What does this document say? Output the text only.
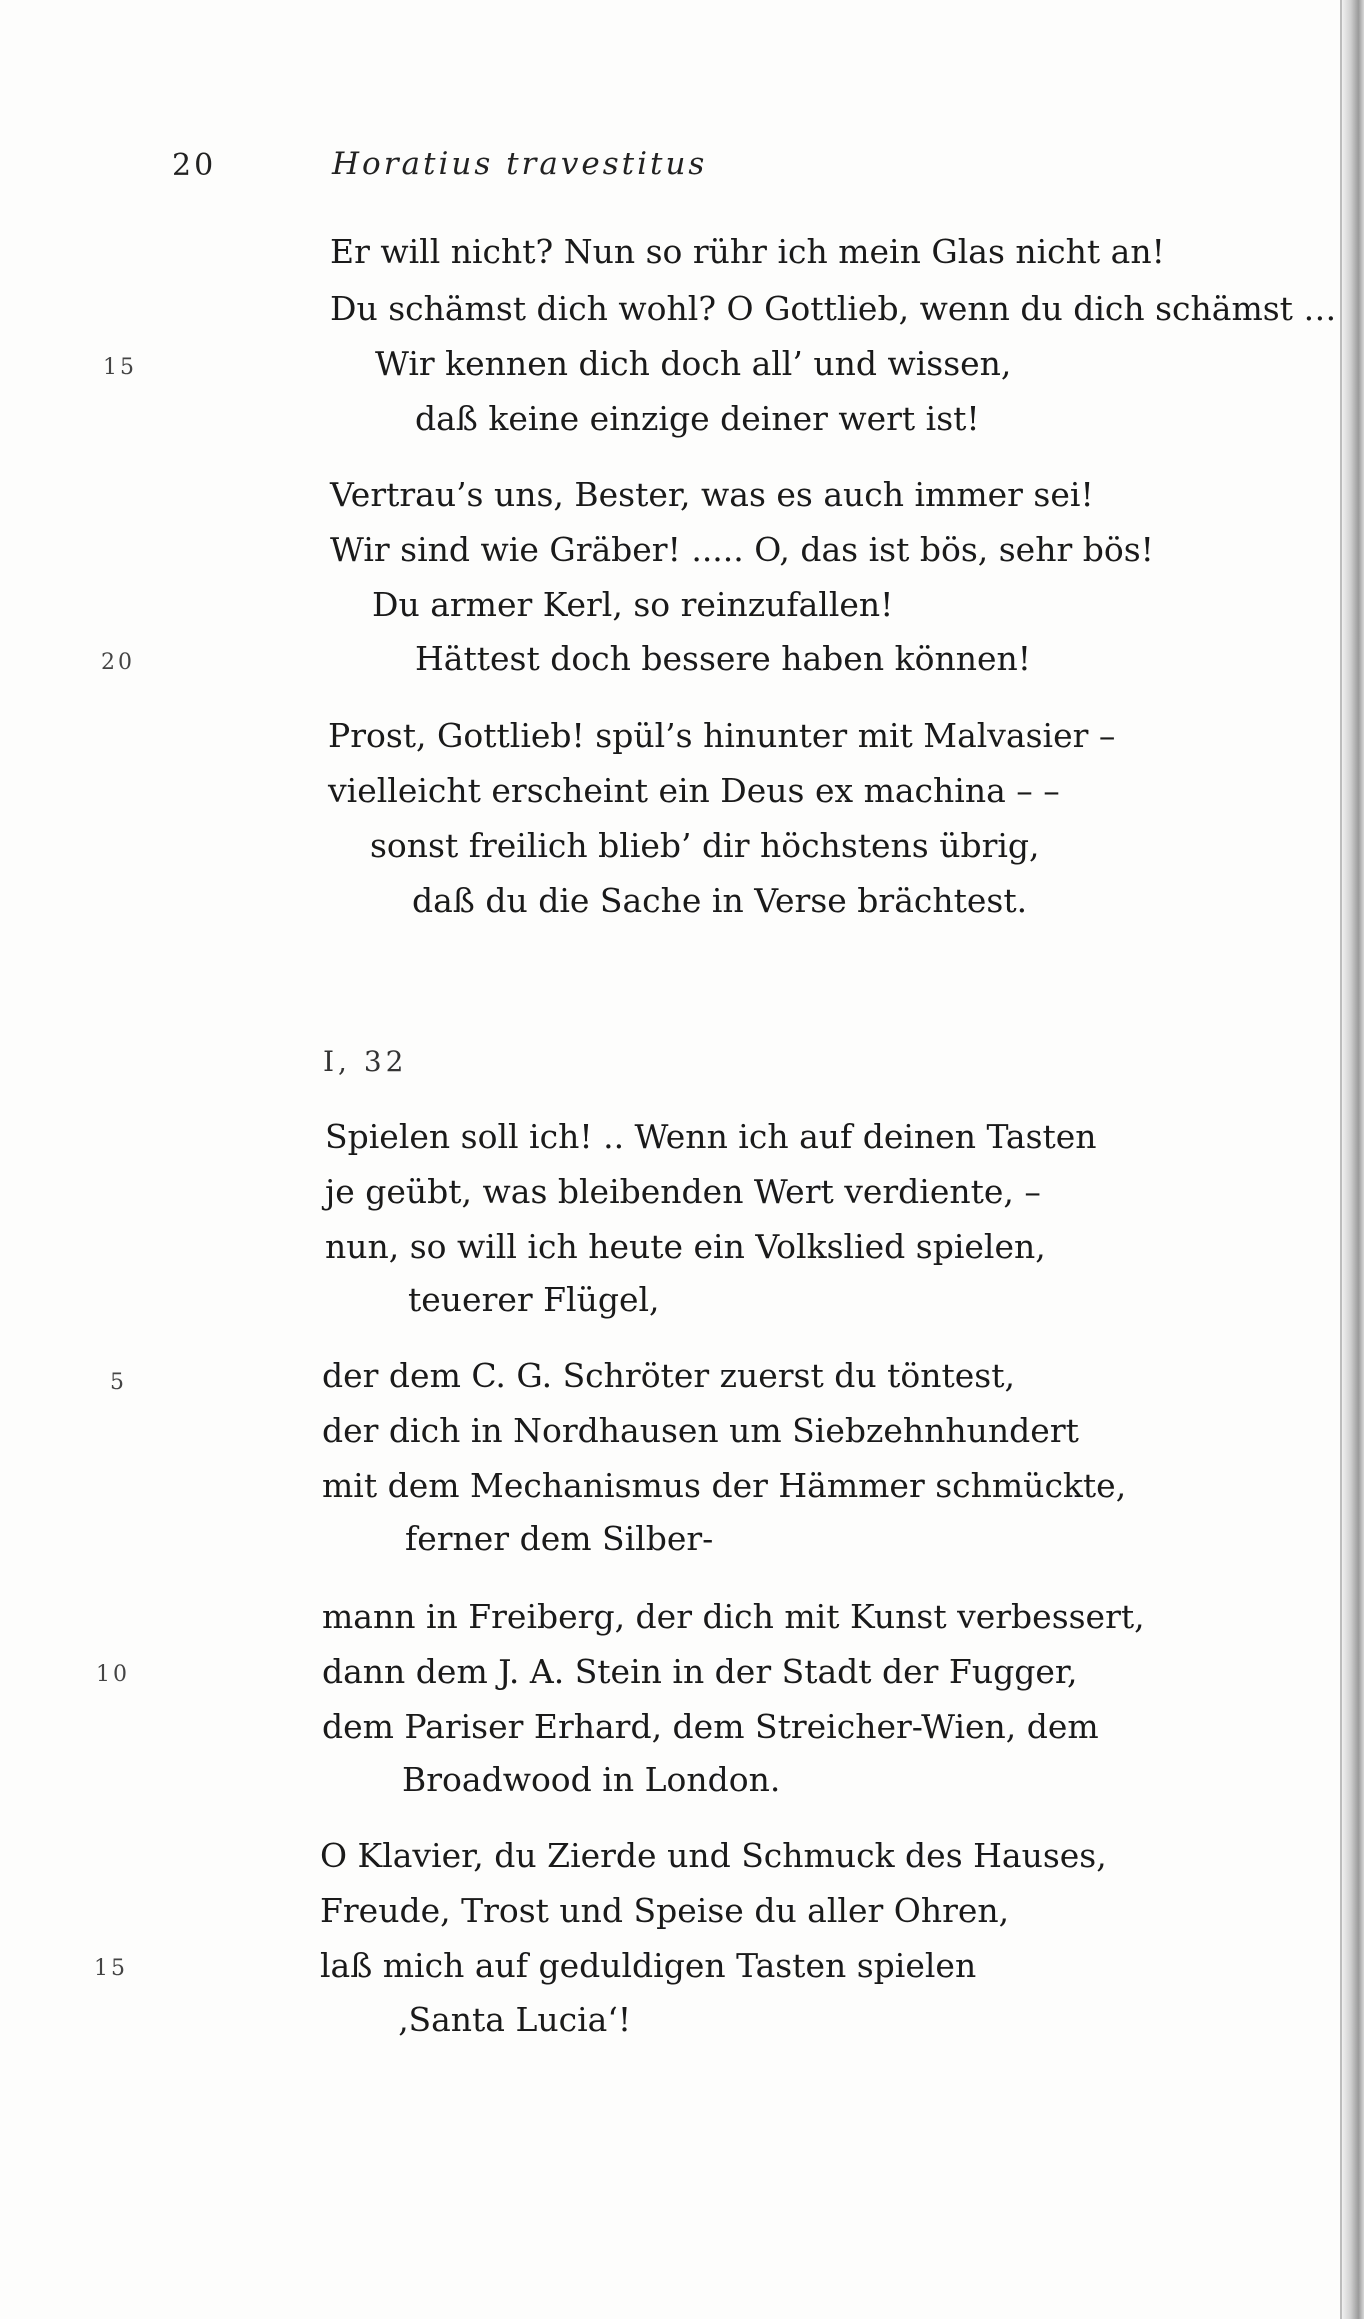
20	Horatius travestitus
Er will nicht? Nun so rühr ich mein Glas nicht an!
Du schämst dich wohl? O Gottlieb, wenn du dich schämst …
Wir kennen dich doch all’ und wissen,
daß keine einzige deiner wert ist!
Vertrau’s uns, Bester, was es auch immer sei!
Wir sind wie Gräber! ..... O, das ist bös, sehr bös!
Du armer Kerl, so reinzufallen!
Hättest doch bessere haben können!
Prost, Gottlieb! spül’s hinunter mit Malvasier –
vielleicht erscheint ein Deus ex machina – –
sonst freilich blieb’ dir höchstens übrig,
daß du die Sache in Verse brächtest.
15
20
I, 32
Spielen soll ich! .. Wenn ich auf deinen Tasten
je geübt, was bleibenden Wert verdiente, –
nun, so will ich heute ein Volkslied spielen,
teuerer Flügel,
der dem C. G. Schröter zuerst du töntest,
der dich in Nordhausen um Siebzehnhundert
mit dem Mechanismus der Hämmer schmückte,
ferner dem Silber-
mann in Freiberg, der dich mit Kunst verbessert,
dann dem J. A. Stein in der Stadt der Fugger,
dem Pariser Erhard, dem Streicher-Wien, dem
Broadwood in London.
O Klavier, du Zierde und Schmuck des Hauses,
Freude, Trost und Speise du aller Ohren,
laß mich auf geduldigen Tasten spielen
‚Santa Lucia‘!
5
10
15
